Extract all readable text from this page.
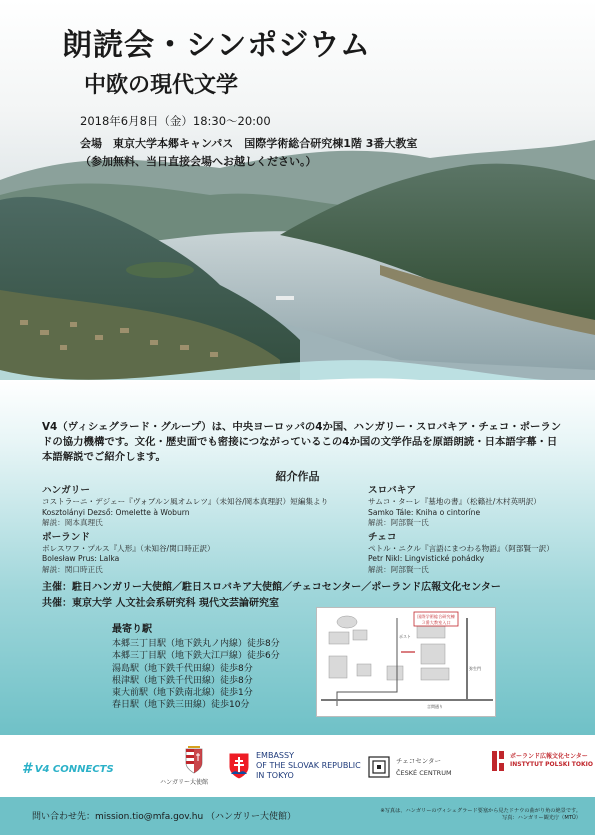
朗読会・シンポジウム
中欧の現代文学
2018年6月8日（金）18:30〜20:00
会場　東京大学本郷キャンパス　国際学術総合研究棟1階 3番大教室
（参加無料、当日直接会場へお越しください。）

V4（ヴィシェグラード・グループ）は、中央ヨーロッパの4か国、ハンガリー・スロバキア・チェコ・ポーランドの協力機構です。文化・歴史面でも密接につながっているこの4か国の文学作品を原語朗読・日本語字幕・日本語解説でご紹介します。

紹介作品
ハンガリー
コストラーニ・デジェー『ヴォブルン風オムレツ』（未知谷/岡本真理訳）短編集より
Kosztolányi Dezső: Omelette à Woburn
解説：岡本真理氏
ポーランド
ボレスワフ・プルス『人形』（未知谷/関口時正訳）
Bolesław Prus: Lalka
解説：関口時正氏
スロバキア
サムコ・ターレ『墓地の書』（松籟社/木村英明訳）
Samko Tále: Kniha o cintoríne
解説：阿部賢一氏
チェコ
ペトル・ニクル『言語にまつわる物語』（阿部賢一訳）
Petr Nikl: Lingvistické pohádky
解説：阿部賢一氏
主催：駐日ハンガリー大使館／駐日スロバキア大使館／チェコセンター／ポーランド広報文化センター
共催：東京大学 人文社会系研究科 現代文芸論研究室
最寄り駅
本郷三丁目駅（地下鉄丸ノ内線）徒歩8分
本郷三丁目駅（地下鉄大江戸線）徒歩6分
湯島駅（地下鉄千代田線）徒歩8分
根津駅（地下鉄千代田線）徒歩8分
東大前駅（地下鉄南北線）徒歩1分
春日駅（地下鉄三田線）徒歩10分
国際学術総合研究棟
３番大教室入口
ポスト
弥生門
言問通り
# V4 CONNECTS
ハンガリー大使館
EMBASSY
OF THE SLOVAK REPUBLIC
IN TOKYO
チェコセンター
ČESKÉ CENTRUM
ポーランド広報文化センター
INSTYTUT POLSKI TOKIO
問い合わせ先：mission.tio@mfa.gov.hu （ハンガリー大使館）
※写真は、ハンガリーのヴィシェグラード要塞から見たドナウの曲がり角の絶景です。
写真：ハンガリー観光庁（MTÜ）
